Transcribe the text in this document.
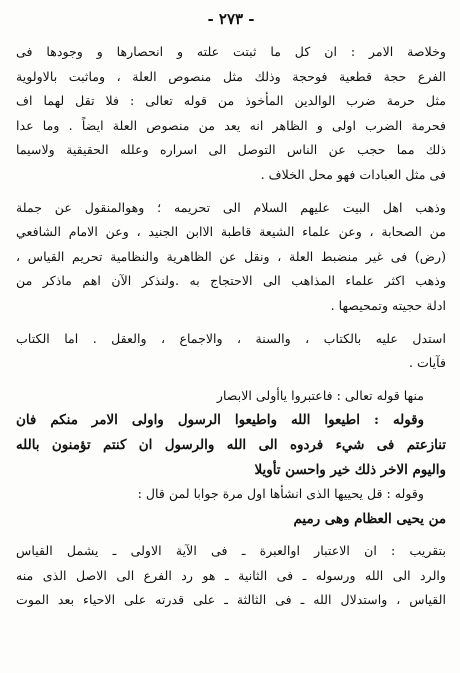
- ٢٧٣ -
وخلاصة الامر : ان كل ما ثبتت علته و انحصارها و وجودها فى
الفرع حجة قطعية فوحجة وذلك مثل منصوص العلة ، وماثبت بالاولوية
مثل حرمة ضرب الوالدين المأخوذ من قوله تعالى : فلا تقل لهما اف
فحرمة الضرب اولى و الظاهر انه يعد من منصوص العلة ايضاً . وما عدا
ذلك مما حجب عن الناس التوصل الى اسراره وعلله الحقيقية ولاسيما
فى مثل العبادات فهو محل الخلاف .
وذهب اهل البيت عليهم السلام الى تحريمه ؛ وهوالمنقول عن جملة
من الصحابة ، وعن علماء الشيعة قاطبة الاابن الجنيد ، وعن الامام الشافعي
(رض) فى غير منضبط العلة ، ونقل عن الظاهرية والنظامية تحريم القياس ،
وذهب اكثر علماء المذاهب الى الاحتجاج به .ولنذكر الآن اهم ماذكر من
ادلة حجيته وتمحيصها .
استدل عليه بالكتاب ، والسنة ، والاجماع ، والعقل . اما الكتاب
فآيات .
منها قوله تعالى : فاعتبروا ياأولى الابصار
وقوله : اطيعوا الله واطيعوا الرسول واولى الامر منكم فان
تنازعتم فى شيء فردوه الى الله والرسول ان كنتم تؤمنون بالله
واليوم الاخر ذلك خير واحسن تأويلا
وقوله : قل يحييها الذى انشأها اول مرة جوابا لمن قال :
من يحيى العظام وهى رميم
بتقريب : ان الاعتبار اوالعبرة ـ فى الآية الاولى ـ يشمل القياس
والرد الى الله ورسوله ـ فى الثانية ـ هو رد الفرع الى الاصل الذى منه
القياس ، واستدلال الله ـ فى الثالثة ـ على قدرته على الاحياء بعد الموت
